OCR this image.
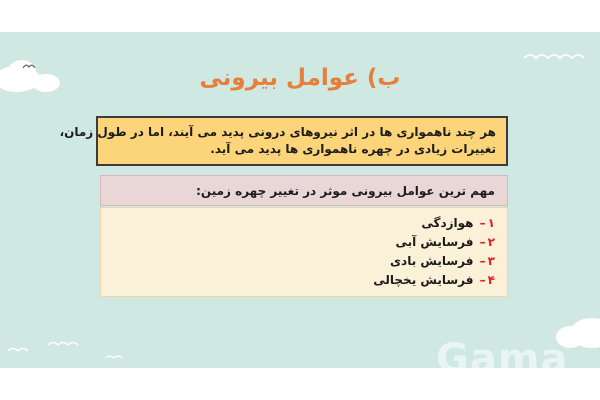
ب) عوامل بیرونی
هر چند ناهمواری ها در اثر نیروهای درونی پدید می آیند، اما در طول زمان،
تغییرات زیادی در چهره ناهمواری ها پدید می آید.
مهم ترین عوامل بیرونی موثر در تغییر چهره زمین:
۱– هوازدگی
۲– فرسایش آبی
۳– فرسایش بادی
۴– فرسایش یخچالی
Gama
